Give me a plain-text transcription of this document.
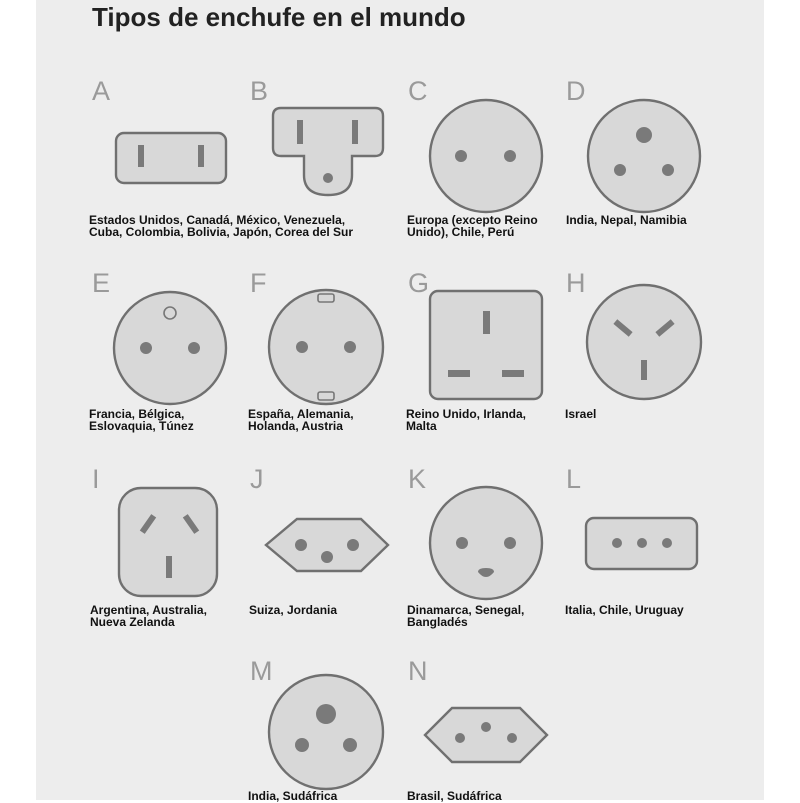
Tipos de enchufe en el mundo
A	B	C	D
E	F	G	H
I	J	K	L
M	N
Estados Unidos, Canadá, México, Venezuela,
Cuba, Colombia, Bolivia, Japón, Corea del Sur
Europa (excepto Reino
Unido), Chile, Perú
India, Nepal, Namibia
Francia, Bélgica,
Eslovaquia, Túnez
España, Alemania,
Holanda, Austria
Reino Unido, Irlanda,
Malta
Israel
Argentina, Australia,
Nueva Zelanda
Suiza, Jordania	Dinamarca, Senegal,
Bangladés
Italia, Chile, Uruguay
India, Sudáfrica	Brasil, Sudáfrica
